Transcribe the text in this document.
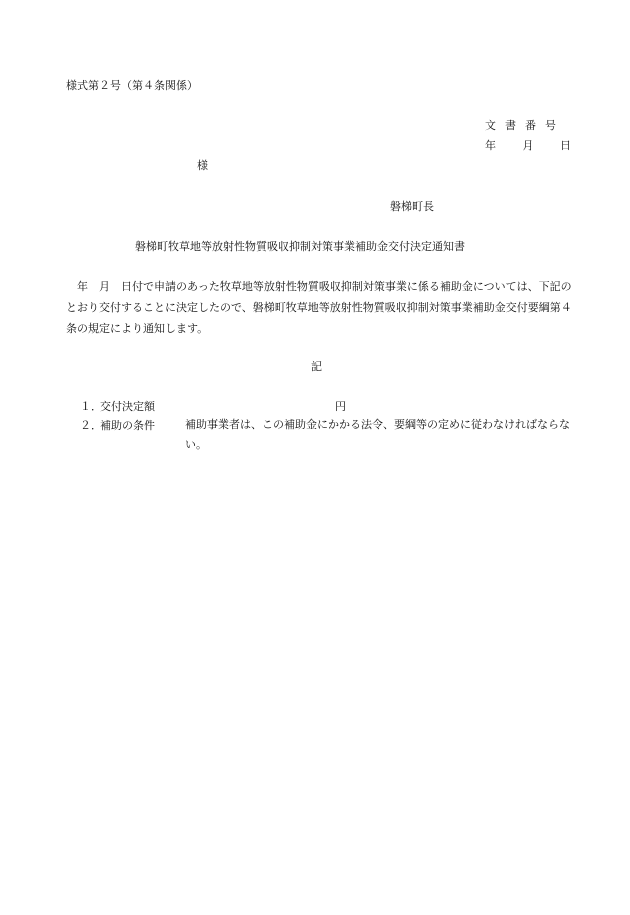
様式第２号（第４条関係）
文書番号
年 月 日
様
磐梯町長
磐梯町牧草地等放射性物質吸収抑制対策事業補助金交付決定通知書
年　月　日付で申請のあった牧草地等放射性物質吸収抑制対策事業に係る補助金については、下記のとおり交付することに決定したので、磐梯町牧草地等放射性物質吸収抑制対策事業補助金交付要綱第４条の規定により通知します。
記
１．
交付決定額	円
２．
補助の条件	補助事業者は、この補助金にかかる法令、要綱等の定めに従わなければならない。
